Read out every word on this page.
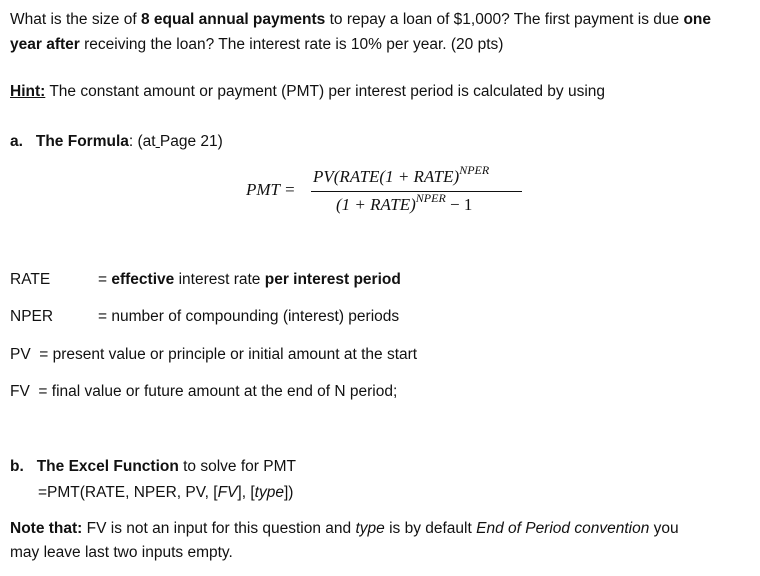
What is the size of 8 equal annual payments to repay a loan of $1,000? The first payment is due one
year after receiving the loan? The interest rate is 10% per year. (20 pts)
Hint: The constant amount or payment (PMT) per interest period is calculated by using
a. The Formula: (at Page 21)
PMT =
PV(RATE(1 + RATE)$^{NPER}$
(1 + RATE)$^{NPER}$ − 1
RATE	= effective interest rate per interest period
NPER	= number of compounding (interest) periods
PV  = present value or principle or initial amount at the start
FV  = final value or future amount at the end of N period;
b. The Excel Function to solve for PMT
=PMT(RATE, NPER, PV, [FV], [type])
Note that: FV is not an input for this question and type is by default End of Period convention you
may leave last two inputs empty.
